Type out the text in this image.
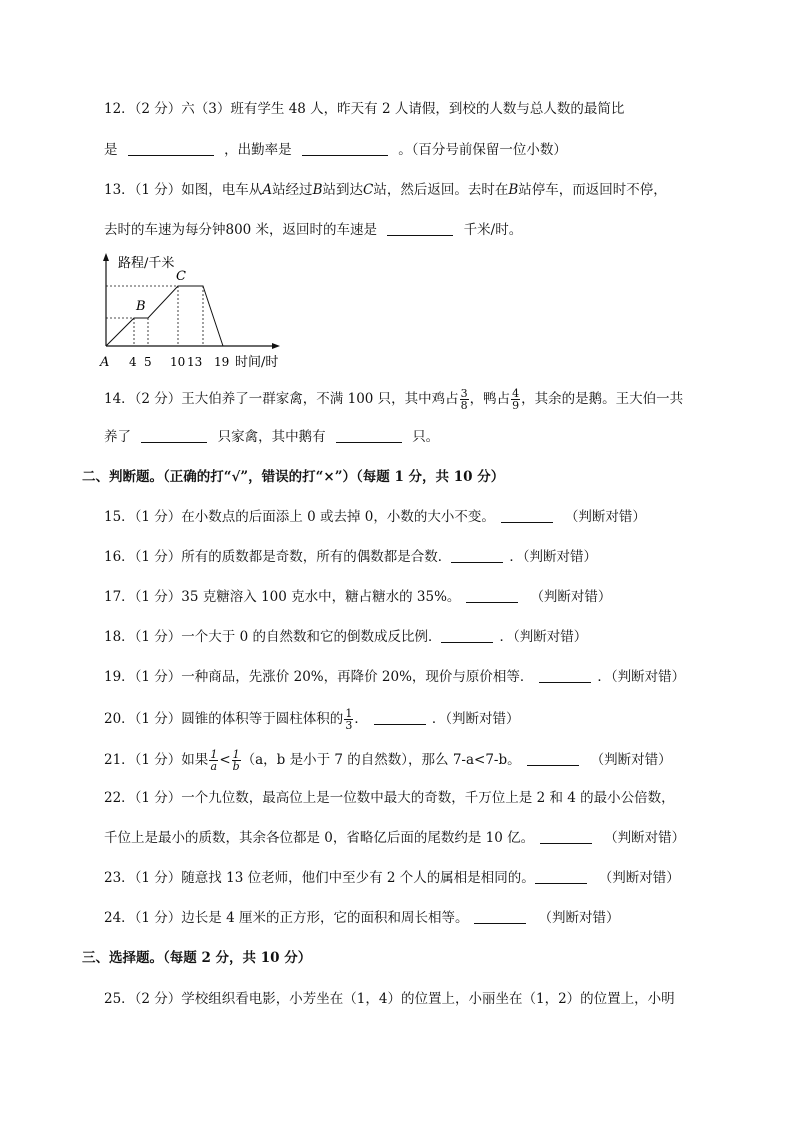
12．（2 分）六（3）班有学生 48 人，昨天有 2 人请假，到校的人数与总人数的最简比
是	，出勤率是	。（百分号前保留一位小数）
13．（1 分）如图，电车从A站经过B站到达C站，然后返回。去时在B站停车，而返回时不停，
去时的车速为每分钟800 米，返回时的车速是	千米/时。
路程/千米
C
B
A 4 5 10 13 19 时间/时
14．（2 分）王大伯养了一群家禽，不满 100 只，其中鸡占 $\frac{3}{8}$ ，鸭占 $\frac{4}{9}$ ，其余的是鹅。王大伯一共
养了	只家禽，其中鹅有	只。
二、判断题。（正确的打“√”，错误的打“×”）（每题 1 分，共 10 分）
15．（1 分）在小数点的后面添上 0 或去掉 0，小数的大小不变。	（判断对错）
16．（1 分）所有的质数都是奇数，所有的偶数都是合数．	．（判断对错）
17．（1 分）35 克糖溶入 100 克水中，糖占糖水的 35%。	（判断对错）
18．（1 分）一个大于 0 的自然数和它的倒数成反比例．	．（判断对错）
19．（1 分）一种商品，先涨价 20%，再降价 20%，现价与原价相等．	．（判断对错）
20．（1 分）圆锥的体积等于圆柱体积的 $\frac{1}{3}$ ．	．（判断对错）
21．（1 分）如果 $\frac{1}{a} < \frac{1}{b} (a$，b 是小于 7 的自然数），那么 7-a<7-b。	（判断对错）
22．（1 分）一个九位数，最高位上是一位数中最大的奇数，千万位上是 2 和 4 的最小公倍数，
千位上是最小的质数，其余各位都是 0，省略亿后面的尾数约是 10 亿。	（判断对错）
23．（1 分）随意找 13 位老师，他们中至少有 2 个人的属相是相同的。	（判断对错）
24．（1 分）边长是 4 厘米的正方形，它的面积和周长相等。	（判断对错）
三、选择题。（每题 2 分，共 10 分）
25．（2 分）学校组织看电影，小芳坐在（1，4）的位置上，小丽坐在（1，2）的位置上，小明
